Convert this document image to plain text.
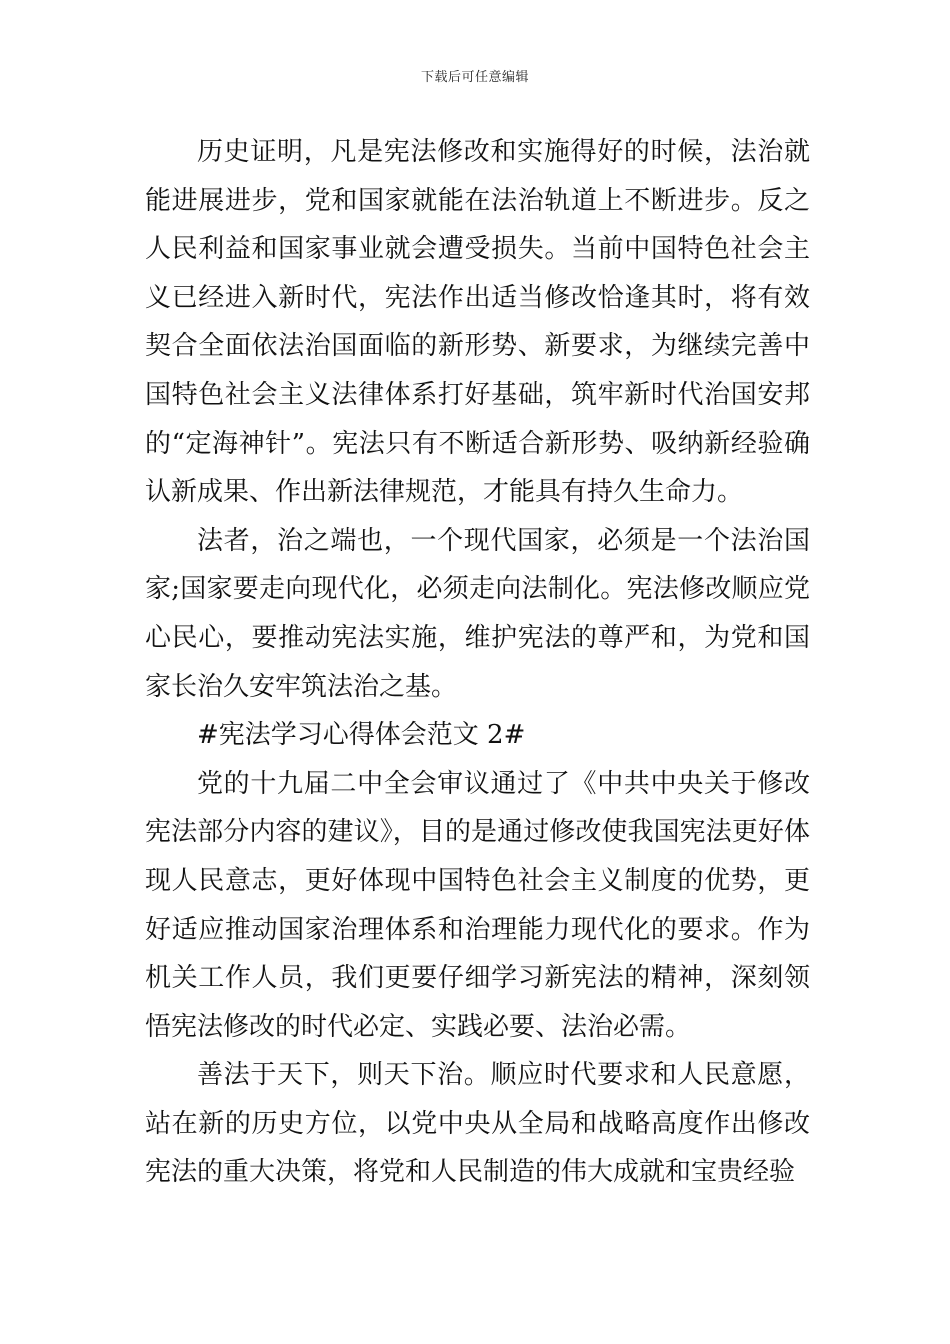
下载后可任意编辑

历史证明，凡是宪法修改和实施得好的时候，法治就能进展进步，党和国家就能在法治轨道上不断进步。反之人民利益和国家事业就会遭受损失。当前中国特色社会主义已经进入新时代，宪法作出适当修改恰逢其时，将有效契合全面依法治国面临的新形势、新要求，为继续完善中国特色社会主义法律体系打好基础，筑牢新时代治国安邦的“定海神针”。宪法只有不断适合新形势、吸纳新经验确认新成果、作出新法律规范，才能具有持久生命力。

法者，治之端也，一个现代国家，必须是一个法治国家;国家要走向现代化，必须走向法制化。宪法修改顺应党心民心，要推动宪法实施，维护宪法的尊严和，为党和国家长治久安牢筑法治之基。

#宪法学习心得体会范文 2#

党的十九届二中全会审议通过了《中共中央关于修改宪法部分内容的建议》，目的是通过修改使我国宪法更好体现人民意志，更好体现中国特色社会主义制度的优势，更好适应推动国家治理体系和治理能力现代化的要求。作为机关工作人员，我们更要仔细学习新宪法的精神，深刻领悟宪法修改的时代必定、实践必要、法治必需。

善法于天下，则天下治。顺应时代要求和人民意愿，站在新的历史方位，以党中央从全局和战略高度作出修改宪法的重大决策，将党和人民制造的伟大成就和宝贵经验
